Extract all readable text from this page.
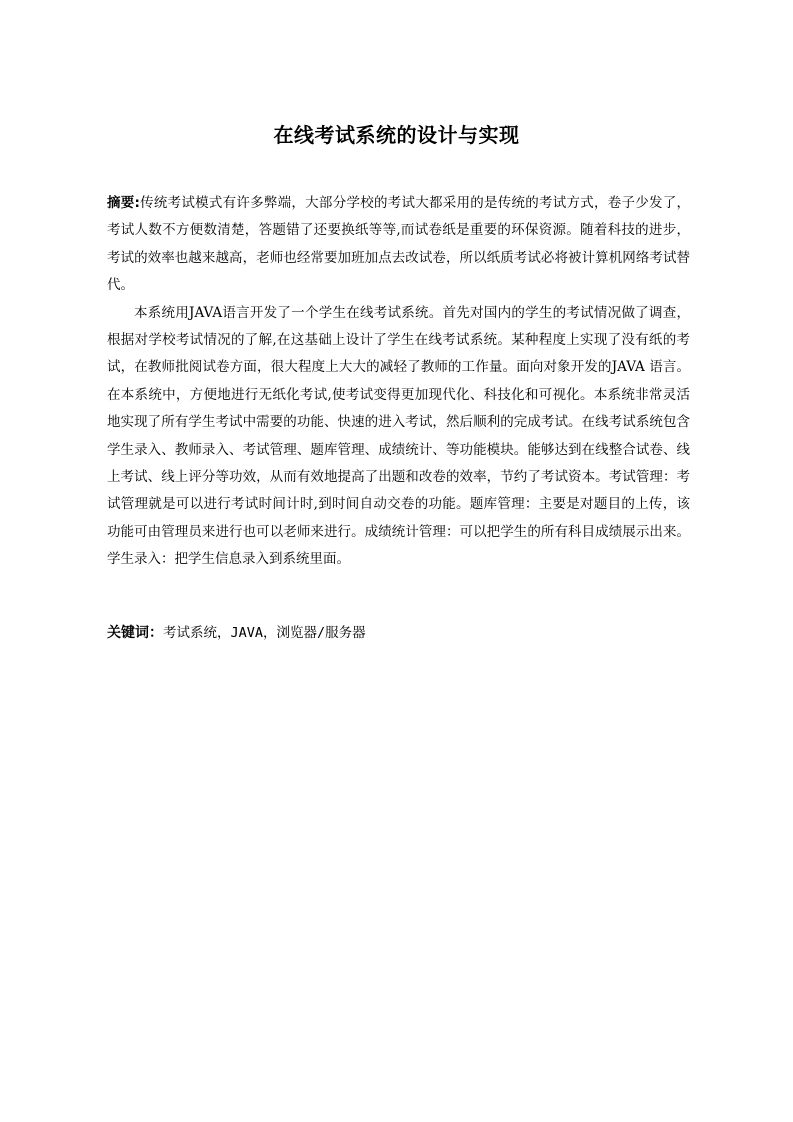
在线考试系统的设计与实现

摘要:传统考试模式有许多弊端，大部分学校的考试大都采用的是传统的考试方式，卷子少发了，考试人数不方便数清楚，答题错了还要换纸等等,而试卷纸是重要的环保资源。随着科技的进步，考试的效率也越来越高，老师也经常要加班加点去改试卷，所以纸质考试必将被计算机网络考试替代。

本系统用JAVA语言开发了一个学生在线考试系统。首先对国内的学生的考试情况做了调查，根据对学校考试情况的了解,在这基础上设计了学生在线考试系统。某种程度上实现了没有纸的考试，在教师批阅试卷方面，很大程度上大大的减轻了教师的工作量。面向对象开发的JAVA 语言。在本系统中，方便地进行无纸化考试,使考试变得更加现代化、科技化和可视化。本系统非常灵活地实现了所有学生考试中需要的功能、快速的进入考试，然后顺利的完成考试。在线考试系统包含学生录入、教师录入、考试管理、题库管理、成绩统计、等功能模块。能够达到在线整合试卷、线上考试、线上评分等功效，从而有效地提高了出题和改卷的效率，节约了考试资本。考试管理：考试管理就是可以进行考试时间计时,到时间自动交卷的功能。题库管理：主要是对题目的上传，该功能可由管理员来进行也可以老师来进行。成绩统计管理：可以把学生的所有科目成绩展示出来。学生录入：把学生信息录入到系统里面。

关键词：考试系统，JAVA，浏览器/服务器
